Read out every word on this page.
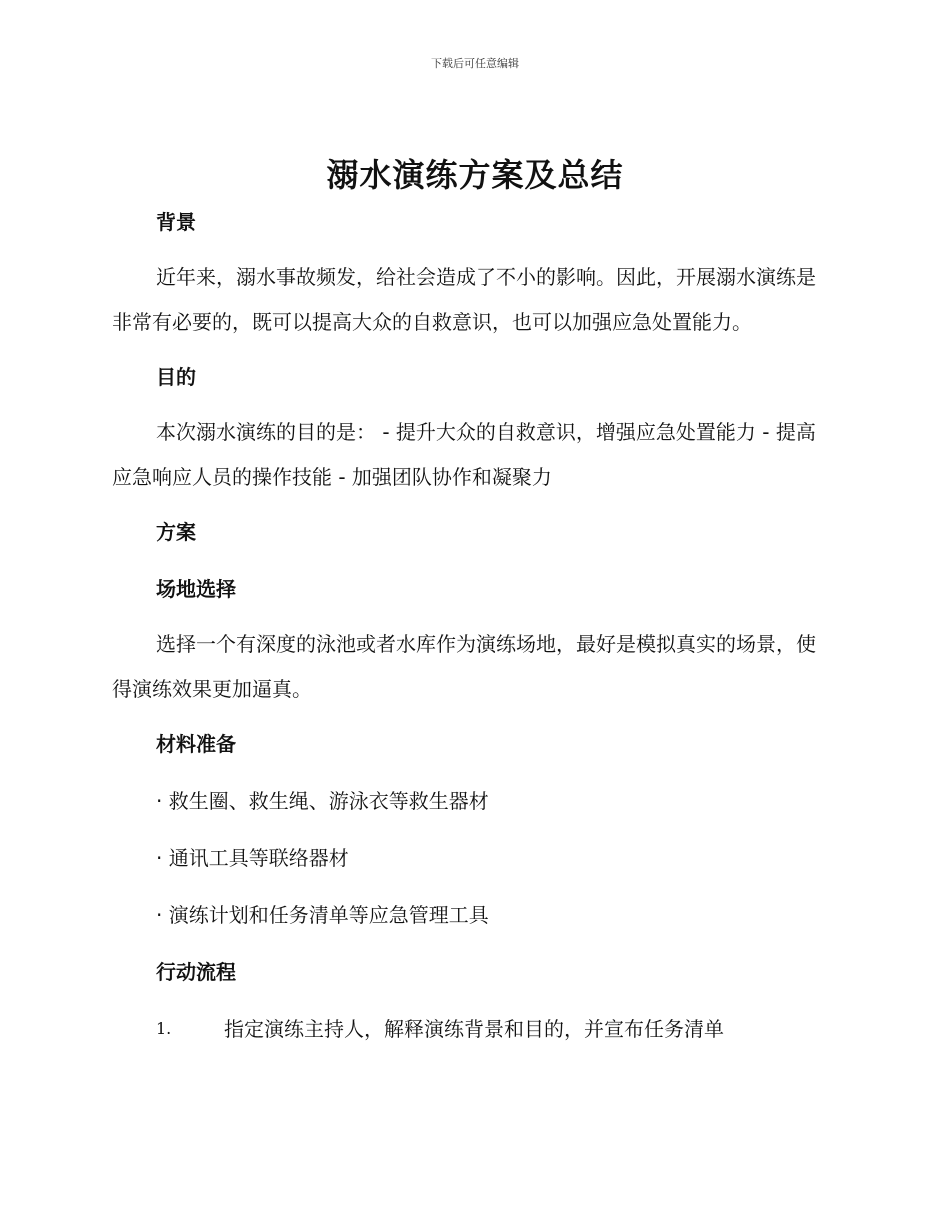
下载后可任意编辑
溺水演练方案及总结
背景

近年来，溺水事故频发，给社会造成了不小的影响。因此，开展溺水演练是非常有必要的，既可以提高大众的自救意识，也可以加强应急处置能力。

目的

本次溺水演练的目的是： - 提升大众的自救意识，增强应急处置能力 - 提高应急响应人员的操作技能 - 加强团队协作和凝聚力

方案
场地选择

选择一个有深度的泳池或者水库作为演练场地，最好是模拟真实的场景，使得演练效果更加逼真。

材料准备
· 救生圈、救生绳、游泳衣等救生器材
· 通讯工具等联络器材
· 演练计划和任务清单等应急管理工具
行动流程
1.	指定演练主持人，解释演练背景和目的，并宣布任务清单
